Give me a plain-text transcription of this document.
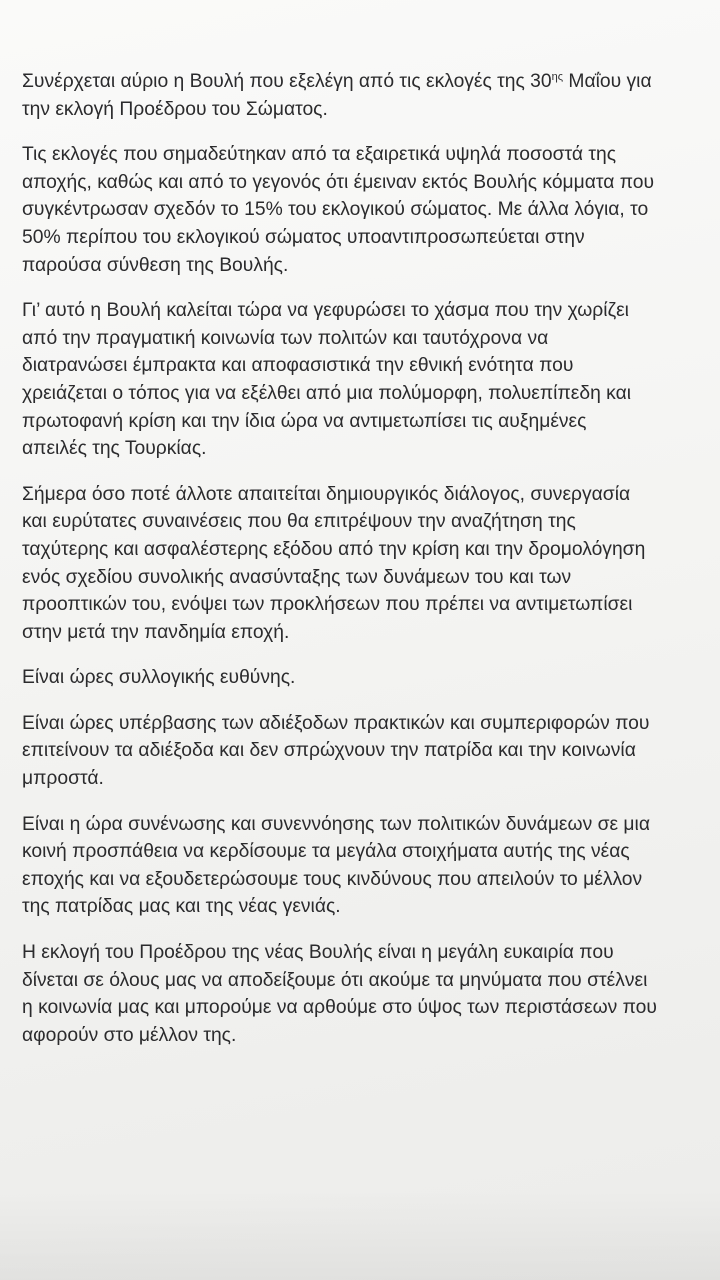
Συνέρχεται αύριο η Βουλή που εξελέγη από τις εκλογές της $30^{\eta\varsigma}$ Μαΐου για
την εκλογή Προέδρου του Σώματος.
Τις εκλογές που σημαδεύτηκαν από τα εξαιρετικά υψηλά ποσοστά της
αποχής, καθώς και από το γεγονός ότι έμειναν εκτός Βουλής κόμματα που
συγκέντρωσαν σχεδόν το 15% του εκλογικού σώματος. Με άλλα λόγια, το
50% περίπου του εκλογικού σώματος υποαντιπροσωπεύεται στην
παρούσα σύνθεση της Βουλής.
Γι’ αυτό η Βουλή καλείται τώρα να γεφυρώσει το χάσμα που την χωρίζει
από την πραγματική κοινωνία των πολιτών και ταυτόχρονα να
διατρανώσει έμπρακτα και αποφασιστικά την εθνική ενότητα που
χρειάζεται ο τόπος για να εξέλθει από μια πολύμορφη, πολυεπίπεδη και
πρωτοφανή κρίση και την ίδια ώρα να αντιμετωπίσει τις αυξημένες
απειλές της Τουρκίας.
Σήμερα όσο ποτέ άλλοτε απαιτείται δημιουργικός διάλογος, συνεργασία
και ευρύτατες συναινέσεις που θα επιτρέψουν την αναζήτηση της
ταχύτερης και ασφαλέστερης εξόδου από την κρίση και την δρομολόγηση
ενός σχεδίου συνολικής ανασύνταξης των δυνάμεων του και των
προοπτικών του, ενόψει των προκλήσεων που πρέπει να αντιμετωπίσει
στην μετά την πανδημία εποχή.
Είναι ώρες συλλογικής ευθύνης.
Είναι ώρες υπέρβασης των αδιέξοδων πρακτικών και συμπεριφορών που
επιτείνουν τα αδιέξοδα και δεν σπρώχνουν την πατρίδα και την κοινωνία
μπροστά.
Είναι η ώρα συνένωσης και συνεννόησης των πολιτικών δυνάμεων σε μια
κοινή προσπάθεια να κερδίσουμε τα μεγάλα στοιχήματα αυτής της νέας
εποχής και να εξουδετερώσουμε τους κινδύνους που απειλούν το μέλλον
της πατρίδας μας και της νέας γενιάς.
Η εκλογή του Προέδρου της νέας Βουλής είναι η μεγάλη ευκαιρία που
δίνεται σε όλους μας να αποδείξουμε ότι ακούμε τα μηνύματα που στέλνει
η κοινωνία μας και μπορούμε να αρθούμε στο ύψος των περιστάσεων που
αφορούν στο μέλλον της.
